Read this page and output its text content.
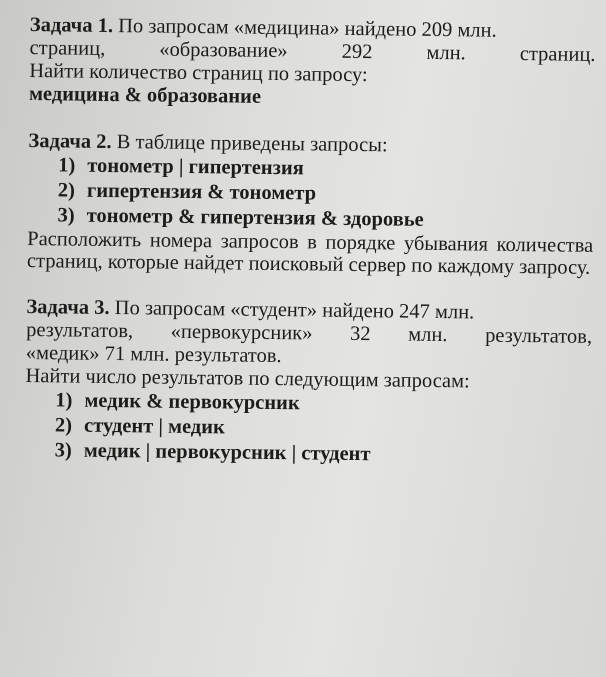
Задача 1. По запросам «медицина» найдено 209 млн.
страниц,	«образование»	292	млн.	страниц.
Найти количество страниц по запросу:
медицина & образование
Задача 2. В таблице приведены запросы:
1) тонометр | гипертензия
2) гипертензия & тонометр
3) тонометр & гипертензия & здоровье
Расположить номера запросов в порядке убывания количества страниц, которые найдет поисковый сервер по каждому запросу.
Задача 3. По запросам «студент» найдено 247 млн.
результатов, «первокурсник» 32 млн. результатов,
«медик» 71 млн. результатов.
Найти число результатов по следующим запросам:
1) медик & первокурсник
2) студент | медик
3) медик | первокурсник | студент
